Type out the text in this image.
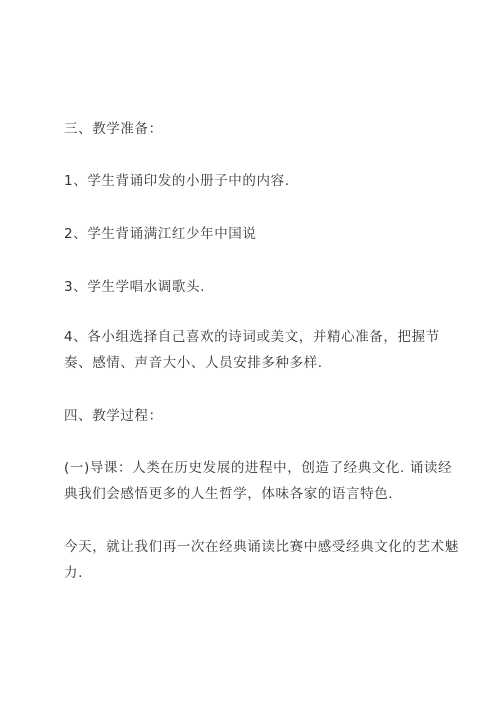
三、教学准备：

1、学生背诵印发的小册子中的内容.

2、学生背诵满江红少年中国说

3、学生学唱水调歌头.

4、各小组选择自己喜欢的诗词或美文，并精心准备，把握节
奏、感情、声音大小、人员安排多种多样.

四、教学过程：

(一)导课：人类在历史发展的进程中，创造了经典文化. 诵读经
典我们会感悟更多的人生哲学，体味各家的语言特色.

今天，就让我们再一次在经典诵读比赛中感受经典文化的艺术魅
力.
